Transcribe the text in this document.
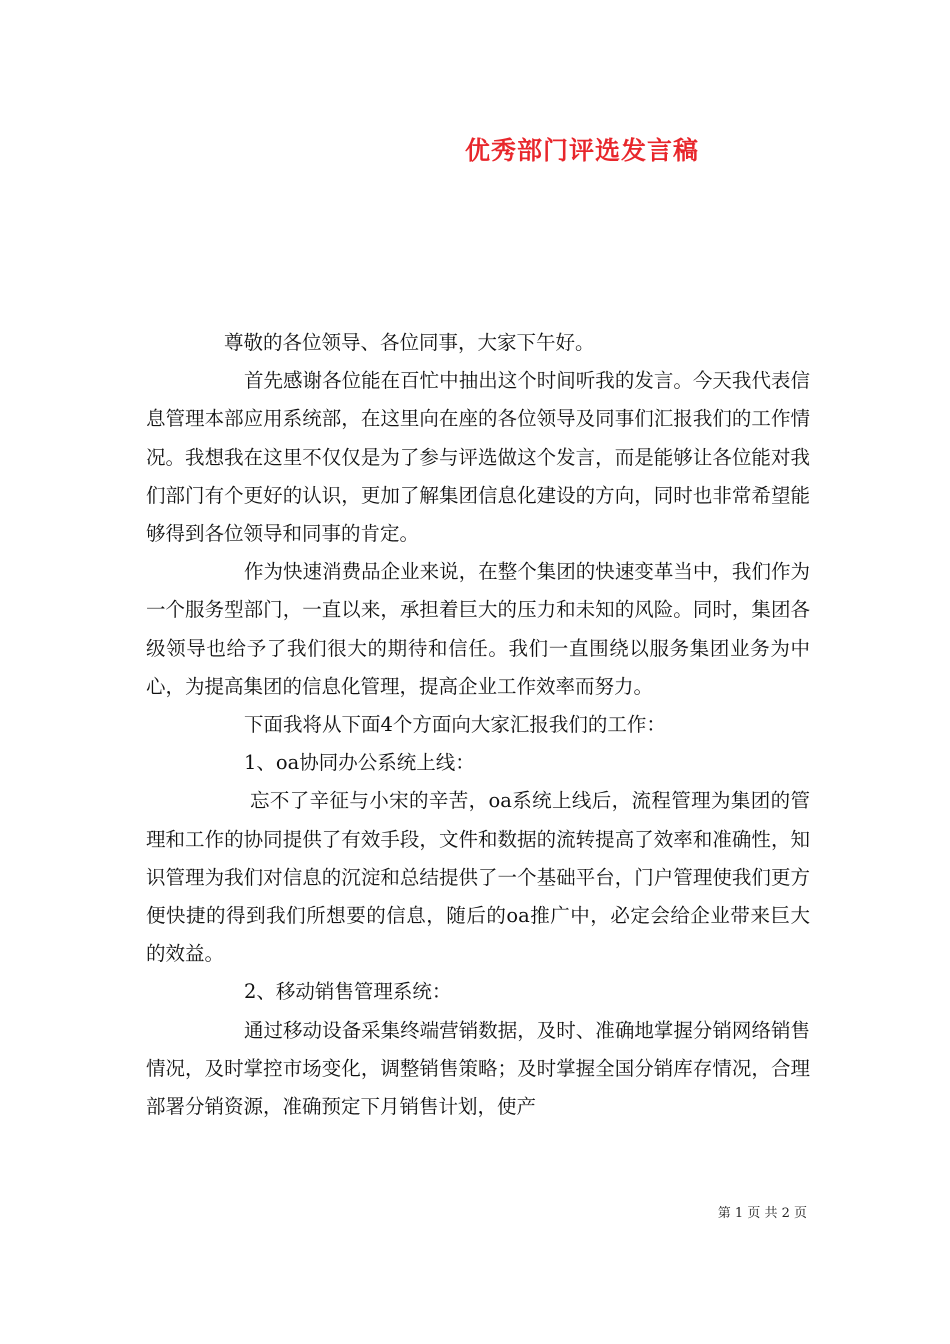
优秀部门评选发言稿

尊敬的各位领导、各位同事，大家下午好。

首先感谢各位能在百忙中抽出这个时间听我的发言。今天我代表信息管理本部应用系统部，在这里向在座的各位领导及同事们汇报我们的工作情况。我想我在这里不仅仅是为了参与评选做这个发言，而是能够让各位能对我们部门有个更好的认识，更加了解集团信息化建设的方向，同时也非常希望能够得到各位领导和同事的肯定。

作为快速消费品企业来说，在整个集团的快速变革当中，我们作为一个服务型部门，一直以来，承担着巨大的压力和未知的风险。同时，集团各级领导也给予了我们很大的期待和信任。我们一直围绕以服务集团业务为中心，为提高集团的信息化管理，提高企业工作效率而努力。

下面我将从下面4个方面向大家汇报我们的工作：

1、oa协同办公系统上线：

忘不了辛征与小宋的辛苦，oa系统上线后，流程管理为集团的管理和工作的协同提供了有效手段，文件和数据的流转提高了效率和准确性，知识管理为我们对信息的沉淀和总结提供了一个基础平台，门户管理使我们更方便快捷的得到我们所想要的信息，随后的oa推广中，必定会给企业带来巨大的效益。

2、移动销售管理系统：

通过移动设备采集终端营销数据，及时、准确地掌握分销网络销售情况，及时掌控市场变化，调整销售策略；及时掌握全国分销库存情况，合理部署分销资源，准确预定下月销售计划，使产

第 1 页 共 2 页
